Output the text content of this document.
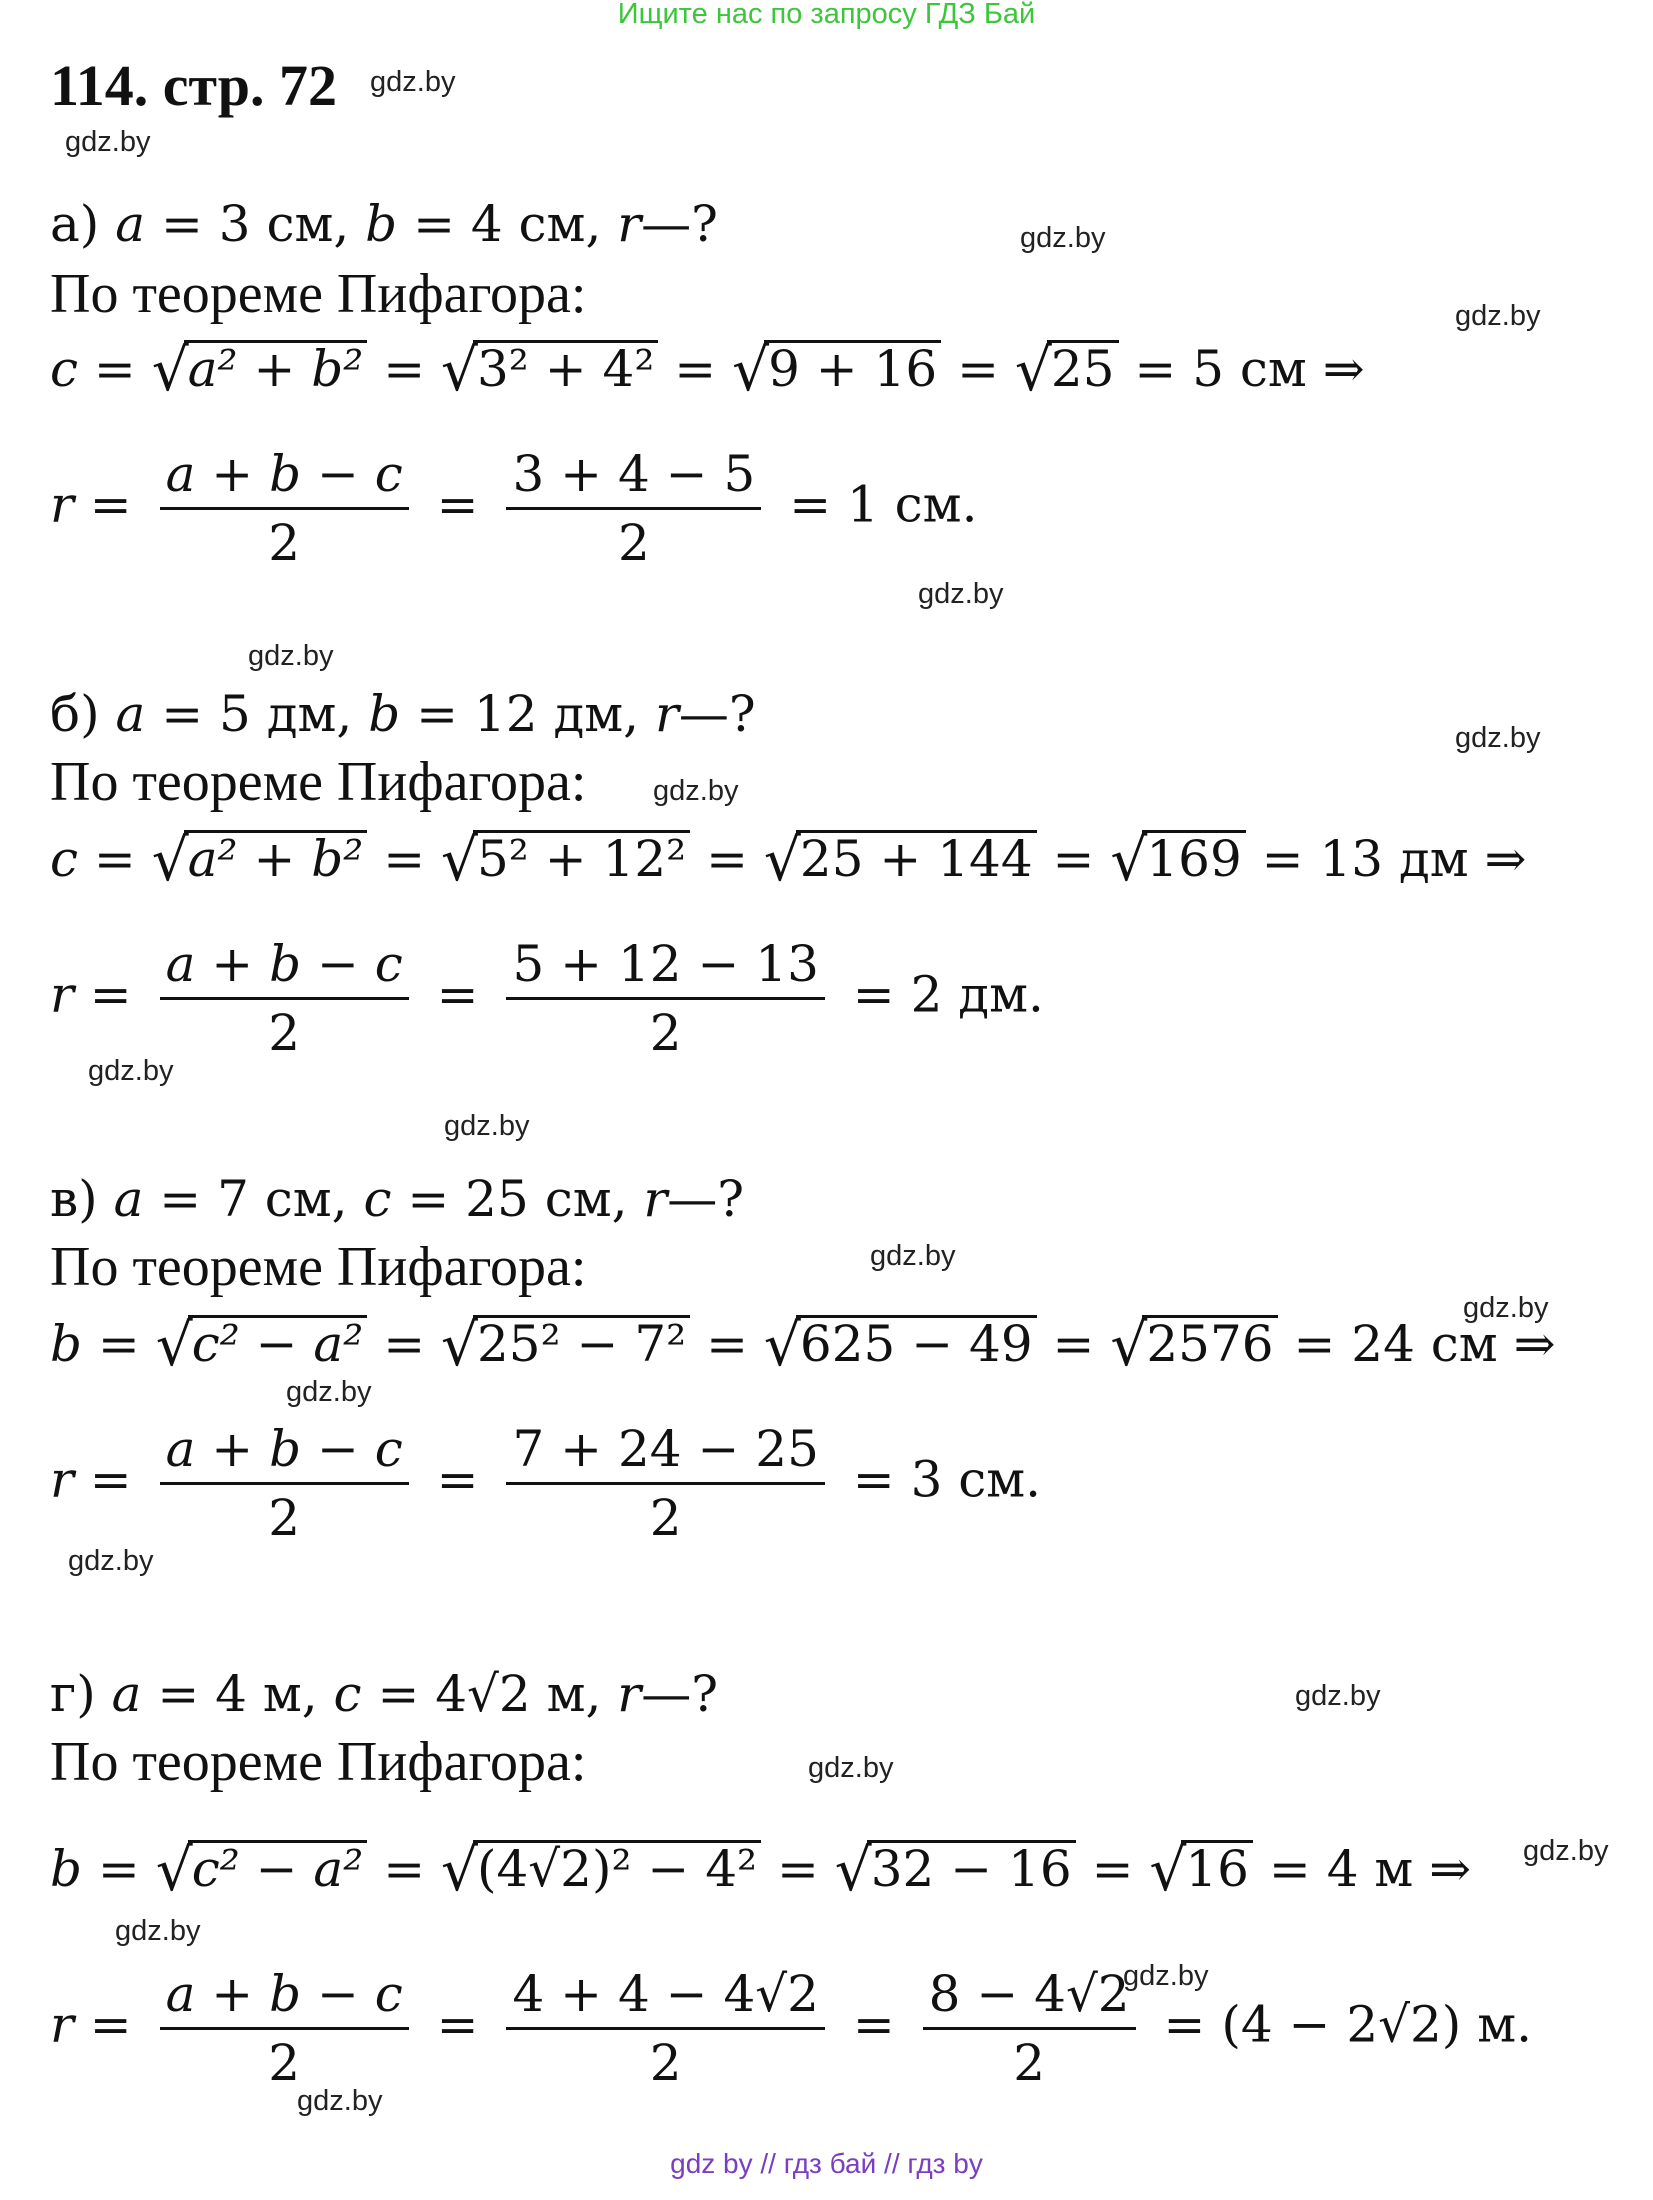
Ищите нас по запросу ГДЗ Бай
114. стр. 72 gdz.by
gdz.by
gdz.by
gdz.by
gdz.by
gdz.by
gdz.by
gdz.by
gdz.by
gdz.by
gdz.by
gdz.by
gdz.by
gdz.by
gdz.by
gdz.by
gdz.by
gdz.by
gdz.by
gdz.by
а) a = 3 см, b = 4 см, r—?
По теореме Пифагора:
c = √ a² + b² = √ 3² + 4² = √ 9 + 16 = √ 25 = 5 см ⇒
$r = \frac{a + b - c}{2} = \frac{3 + 4 - 5}{2} = 1$ см.
б) a = 5 дм, b = 12 дм, r—?
По теореме Пифагора:
c = √ a² + b² = √ 5² + 12² = √ 25 + 144 = √ 169 = 13 дм ⇒
$r = \frac{a + b - c}{2} = \frac{5 + 12 - 13}{2} = 2$ дм.
в) a = 7 см, c = 25 см, r—?
По теореме Пифагора:
b = √ c² − a² = √ 25² − 7² = √ 625 − 49 = √ 2576 = 24 см ⇒
$r = \frac{a + b - c}{2} = \frac{7 + 24 - 25}{2} = 3$ см.
г) a = 4 м, c = 4√2 м, r—?
По теореме Пифагора:
b = √ c² − a² = √ (4√2)² − 4² = √ 32 − 16 = √ 16 = 4 м ⇒
$r = \frac{a + b - c}{2} = \frac{4 + 4 - 4√2}{2} = \frac{8 - 4√2}{2} = (4 - 2√2)$ м.
gdz by // гдз бай // гдз by
